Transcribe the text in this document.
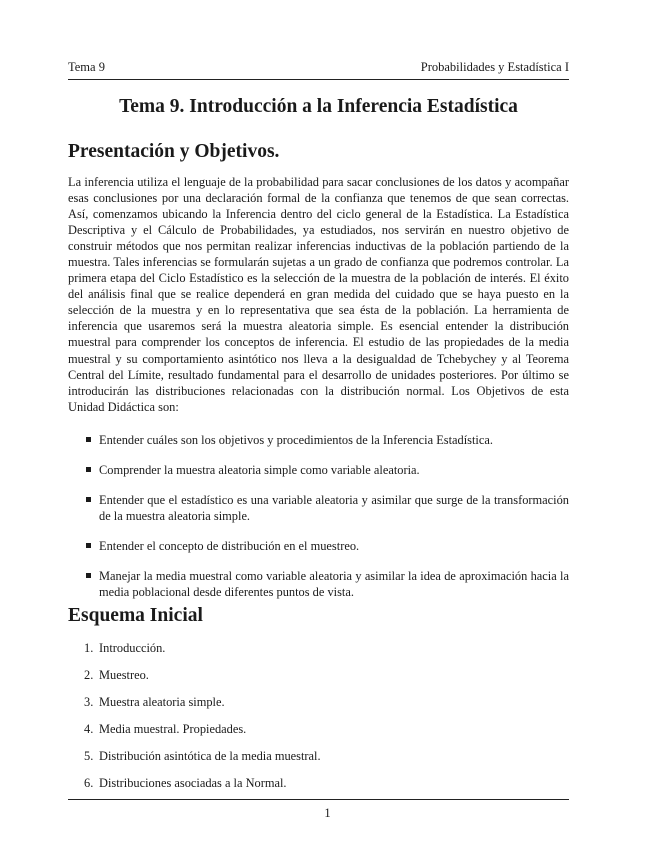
Tema 9	Probabilidades y Estadística I
Tema 9. Introducción a la Inferencia Estadística
Presentación y Objetivos.

La inferencia utiliza el lenguaje de la probabilidad para sacar conclusiones de los datos y acompañar esas conclusiones por una declaración formal de la confianza que tenemos de que sean correctas. Así, comenzamos ubicando la Inferencia dentro del ciclo general de la Estadística. La Estadística Descriptiva y el Cálculo de Probabilidades, ya estudiados, nos servirán en nuestro objetivo de construir métodos que nos permitan realizar inferencias inductivas de la población partiendo de la muestra. Tales inferencias se formularán sujetas a un grado de confianza que podremos controlar. La primera etapa del Ciclo Estadístico es la selección de la muestra de la población de interés. El éxito del análisis final que se realice dependerá en gran medida del cuidado que se haya puesto en la selección de la muestra y en lo representativa que sea ésta de la población. La herramienta de inferencia que usaremos será la muestra aleatoria simple. Es esencial entender la distribución muestral para comprender los conceptos de inferencia. El estudio de las propiedades de la media muestral y su comportamiento asintótico nos lleva a la desigualdad de Tchebychey y al Teorema Central del Límite, resultado fundamental para el desarrollo de unidades posteriores. Por último se introducirán las distribuciones relacionadas con la distribución normal. Los Objetivos de esta Unidad Didáctica son:

Entender cuáles son los objetivos y procedimientos de la Inferencia Estadística.
Comprender la muestra aleatoria simple como variable aleatoria.
Entender que el estadístico es una variable aleatoria y asimilar que surge de la transformación de la muestra aleatoria simple.
Entender el concepto de distribución en el muestreo.
Manejar la media muestral como variable aleatoria y asimilar la idea de aproximación hacia la media poblacional desde diferentes puntos de vista.
Esquema Inicial
1. Introducción.
2. Muestreo.
3. Muestra aleatoria simple.
4. Media muestral. Propiedades.
5. Distribución asintótica de la media muestral.
6. Distribuciones asociadas a la Normal.
1
